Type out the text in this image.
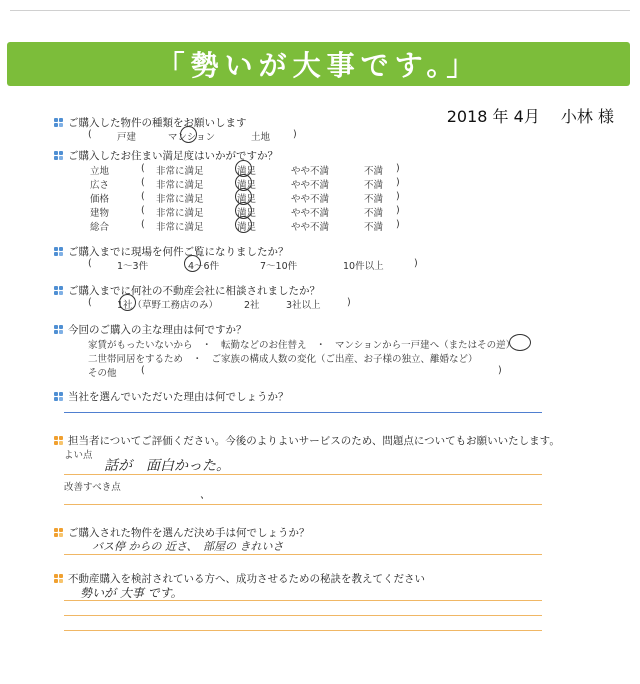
「勢いが大事です。」
2018 年 4月　 小林 様
ご購入した物件の種類をお願いします
(	戸建	マンション	土地 )
ご購入したお住まい満足度はいかがですか？
立地	( 非常に満足	満足	やや不満	不満 )
広さ	( 非常に満足	満足	やや不満	不満 )
価格	( 非常に満足	満足	やや不満	不満 )
建物	( 非常に満足	満足	やや不満	不満 )
総合	( 非常に満足	満足	やや不満	不満 )
ご購入までに現場を何件ご覧になりましたか？
(	1～3件	4～6件	7～10件	10件以上	)
ご購入までに何社の不動産会社に相談されましたか？
(	1社（草野工務店のみ）	2社	3社以上	)
今回のご購入の主な理由は何ですか？
家賃がもったいないから　・　転勤などのお住替え　・　マンションから一戸建へ（またはその逆）
二世帯同居をするため　・　ご家族の構成人数の変化（ご出産、お子様の独立、離婚など）
その他	(	)
当社を選んでいただいた理由は何でしょうか？
担当者についてご評価ください。今後のよりよいサービスのため、問題点についてもお願いいたします。
よい点
話が　面白かった。
改善すべき点
、
ご購入された物件を選んだ決め手は何でしょうか？
バス停 からの 近さ、　部屋の きれいさ
不動産購入を検討されている方へ、成功させるための秘訣を教えてください
勢いが 大事 です。
